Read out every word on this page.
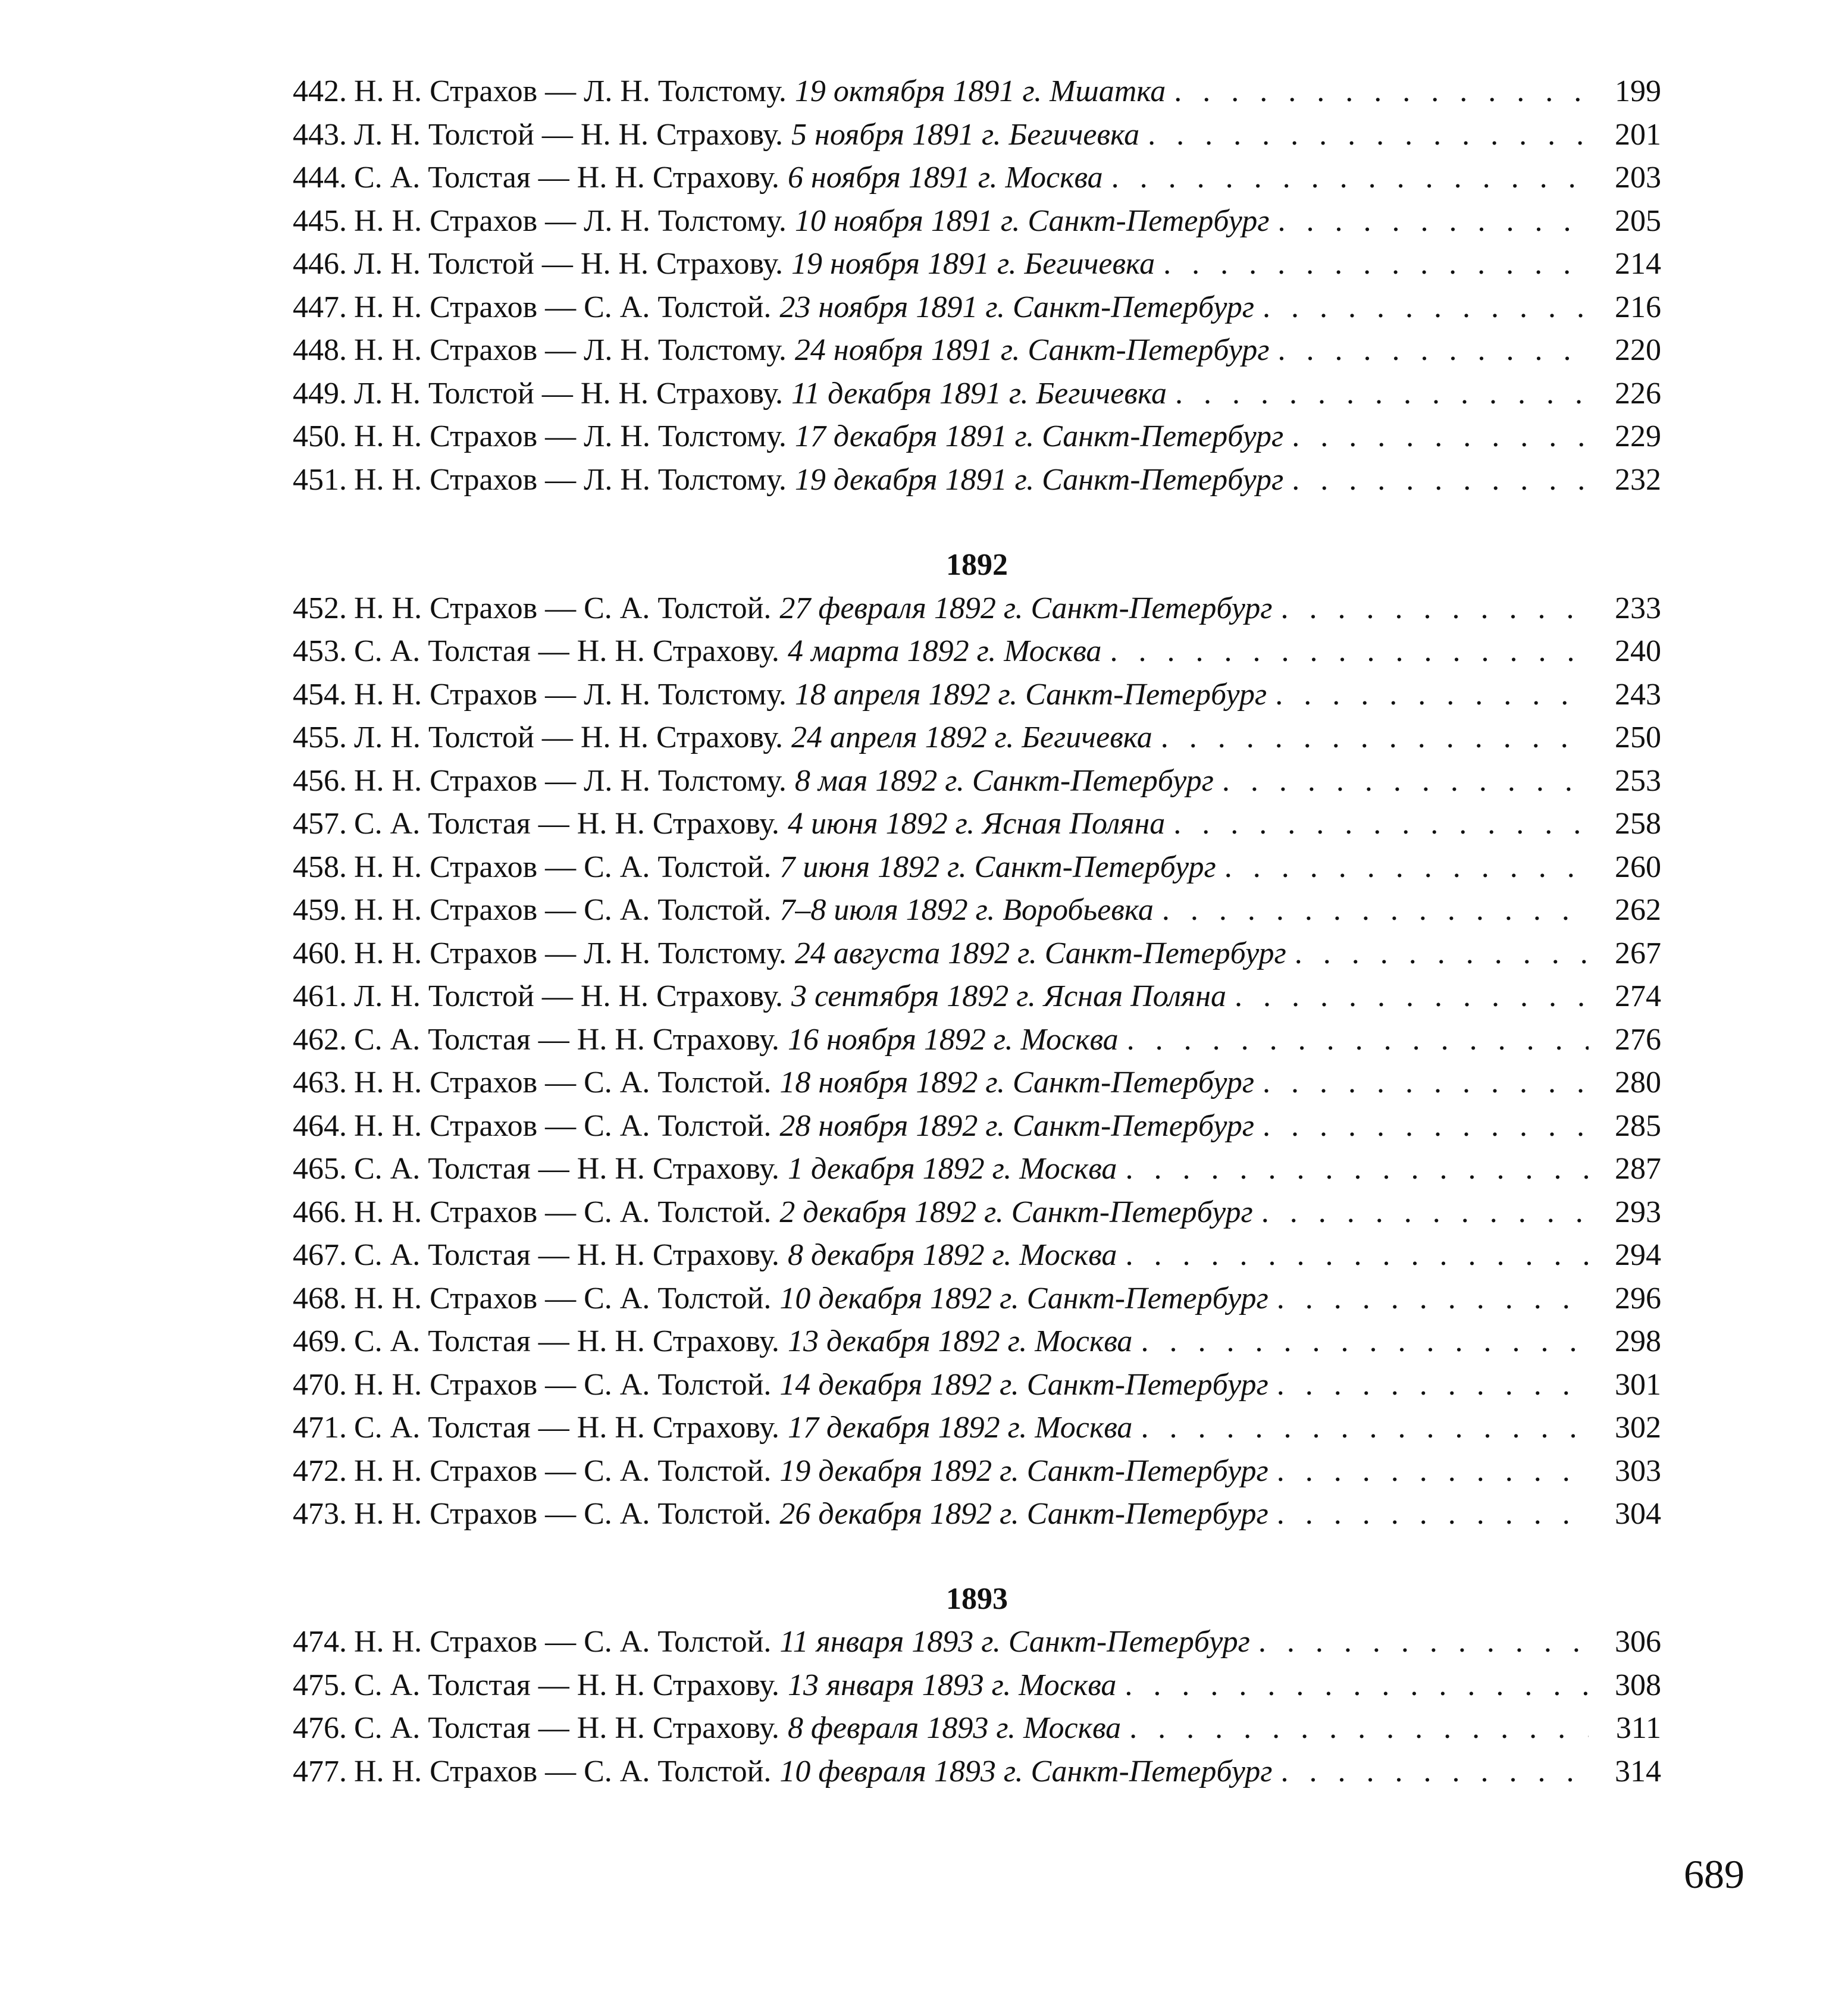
442. Н. Н. Страхов — Л. Н. Толстому. 19 октября 1891 г. Мшатка . . .	199
443. Л. Н. Толстой — Н. Н. Страхову. 5 ноября 1891 г. Бегичевка . . .	201
444. С. А. Толстая — Н. Н. Страхову. 6 ноября 1891 г. Москва . . .	203
445. Н. Н. Страхов — Л. Н. Толстому. 10 ноября 1891 г. Санкт-Петербург . . .	205
446. Л. Н. Толстой — Н. Н. Страхову. 19 ноября 1891 г. Бегичевка . . .	214
447. Н. Н. Страхов — С. А. Толстой. 23 ноября 1891 г. Санкт-Петербург . . .	216
448. Н. Н. Страхов — Л. Н. Толстому. 24 ноября 1891 г. Санкт-Петербург . . .	220
449. Л. Н. Толстой — Н. Н. Страхову. 11 декабря 1891 г. Бегичевка . . .	226
450. Н. Н. Страхов — Л. Н. Толстому. 17 декабря 1891 г. Санкт-Петербург . . .	229
451. Н. Н. Страхов — Л. Н. Толстому. 19 декабря 1891 г. Санкт-Петербург . . .	232
1892
452. Н. Н. Страхов — С. А. Толстой. 27 февраля 1892 г. Санкт-Петербург . . .	233
453. С. А. Толстая — Н. Н. Страхову. 4 марта 1892 г. Москва . . .	240
454. Н. Н. Страхов — Л. Н. Толстому. 18 апреля 1892 г. Санкт-Петербург . . .	243
455. Л. Н. Толстой — Н. Н. Страхову. 24 апреля 1892 г. Бегичевка . . .	250
456. Н. Н. Страхов — Л. Н. Толстому. 8 мая 1892 г. Санкт-Петербург . . .	253
457. С. А. Толстая — Н. Н. Страхову. 4 июня 1892 г. Ясная Поляна . . .	258
458. Н. Н. Страхов — С. А. Толстой. 7 июня 1892 г. Санкт-Петербург . . .	260
459. Н. Н. Страхов — С. А. Толстой. 7–8 июля 1892 г. Воробьевка . . .	262
460. Н. Н. Страхов — Л. Н. Толстому. 24 августа 1892 г. Санкт-Петербург . . .	267
461. Л. Н. Толстой — Н. Н. Страхову. 3 сентября 1892 г. Ясная Поляна . . .	274
462. С. А. Толстая — Н. Н. Страхову. 16 ноября 1892 г. Москва . . .	276
463. Н. Н. Страхов — С. А. Толстой. 18 ноября 1892 г. Санкт-Петербург . . .	280
464. Н. Н. Страхов — С. А. Толстой. 28 ноября 1892 г. Санкт-Петербург . . .	285
465. С. А. Толстая — Н. Н. Страхову. 1 декабря 1892 г. Москва . . .	287
466. Н. Н. Страхов — С. А. Толстой. 2 декабря 1892 г. Санкт-Петербург . . .	293
467. С. А. Толстая — Н. Н. Страхову. 8 декабря 1892 г. Москва . . .	294
468. Н. Н. Страхов — С. А. Толстой. 10 декабря 1892 г. Санкт-Петербург . . .	296
469. С. А. Толстая — Н. Н. Страхову. 13 декабря 1892 г. Москва . . .	298
470. Н. Н. Страхов — С. А. Толстой. 14 декабря 1892 г. Санкт-Петербург . . .	301
471. С. А. Толстая — Н. Н. Страхову. 17 декабря 1892 г. Москва . . .	302
472. Н. Н. Страхов — С. А. Толстой. 19 декабря 1892 г. Санкт-Петербург . . .	303
473. Н. Н. Страхов — С. А. Толстой. 26 декабря 1892 г. Санкт-Петербург . . .	304
1893
474. Н. Н. Страхов — С. А. Толстой. 11 января 1893 г. Санкт-Петербург . . .	306
475. С. А. Толстая — Н. Н. Страхову. 13 января 1893 г. Москва . . .	308
476. С. А. Толстая — Н. Н. Страхову. 8 февраля 1893 г. Москва . . .	311
477. Н. Н. Страхов — С. А. Толстой. 10 февраля 1893 г. Санкт-Петербург . . .	314
689
